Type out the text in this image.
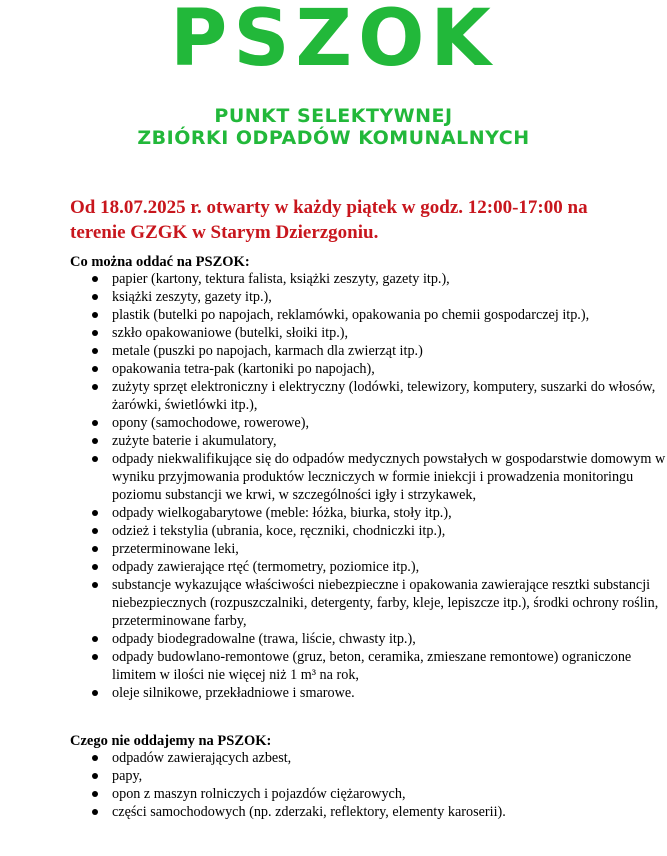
PSZOK
PUNKT SELEKTYWNEJ
ZBIÓRKI ODPADÓW KOMUNALNYCH
Od 18.07.2025 r. otwarty w każdy piątek w godz. 12:00-17:00 na terenie GZGK w Starym Dzierzgoniu.
Co można oddać na PSZOK:
papier (kartony, tektura falista, książki zeszyty, gazety itp.),
książki zeszyty, gazety itp.),
plastik (butelki po napojach, reklamówki, opakowania po chemii gospodarczej itp.),
szkło opakowaniowe (butelki, słoiki itp.),
metale (puszki po napojach, karmach dla zwierząt itp.)
opakowania tetra-pak (kartoniki po napojach),
zużyty sprzęt elektroniczny i elektryczny (lodówki, telewizory, komputery, suszarki do włosów, żarówki, świetlówki itp.),
opony (samochodowe, rowerowe),
zużyte baterie i akumulatory,
odpady niekwalifikujące się do odpadów medycznych powstałych w gospodarstwie domowym w wyniku przyjmowania produktów leczniczych w formie iniekcji i prowadzenia monitoringu poziomu substancji we krwi, w szczególności igły i strzykawek,
odpady wielkogabarytowe (meble: łóżka, biurka, stoły itp.),
odzież i tekstylia (ubrania, koce, ręczniki, chodniczki itp.),
przeterminowane leki,
odpady zawierające rtęć (termometry, poziomice itp.),
substancje wykazujące właściwości niebezpieczne i opakowania zawierające resztki substancji niebezpiecznych (rozpuszczalniki, detergenty, farby, kleje, lepiszcze itp.), środki ochrony roślin, przeterminowane farby,
odpady biodegradowalne (trawa, liście, chwasty itp.),
odpady budowlano-remontowe (gruz, beton, ceramika, zmieszane remontowe) ograniczone limitem w ilości nie więcej niż 1 m³ na rok,
oleje silnikowe, przekładniowe i smarowe.
Czego nie oddajemy na PSZOK:
odpadów zawierających azbest,
papy,
opon z maszyn rolniczych i pojazdów ciężarowych,
części samochodowych (np. zderzaki, reflektory, elementy karoserii).
